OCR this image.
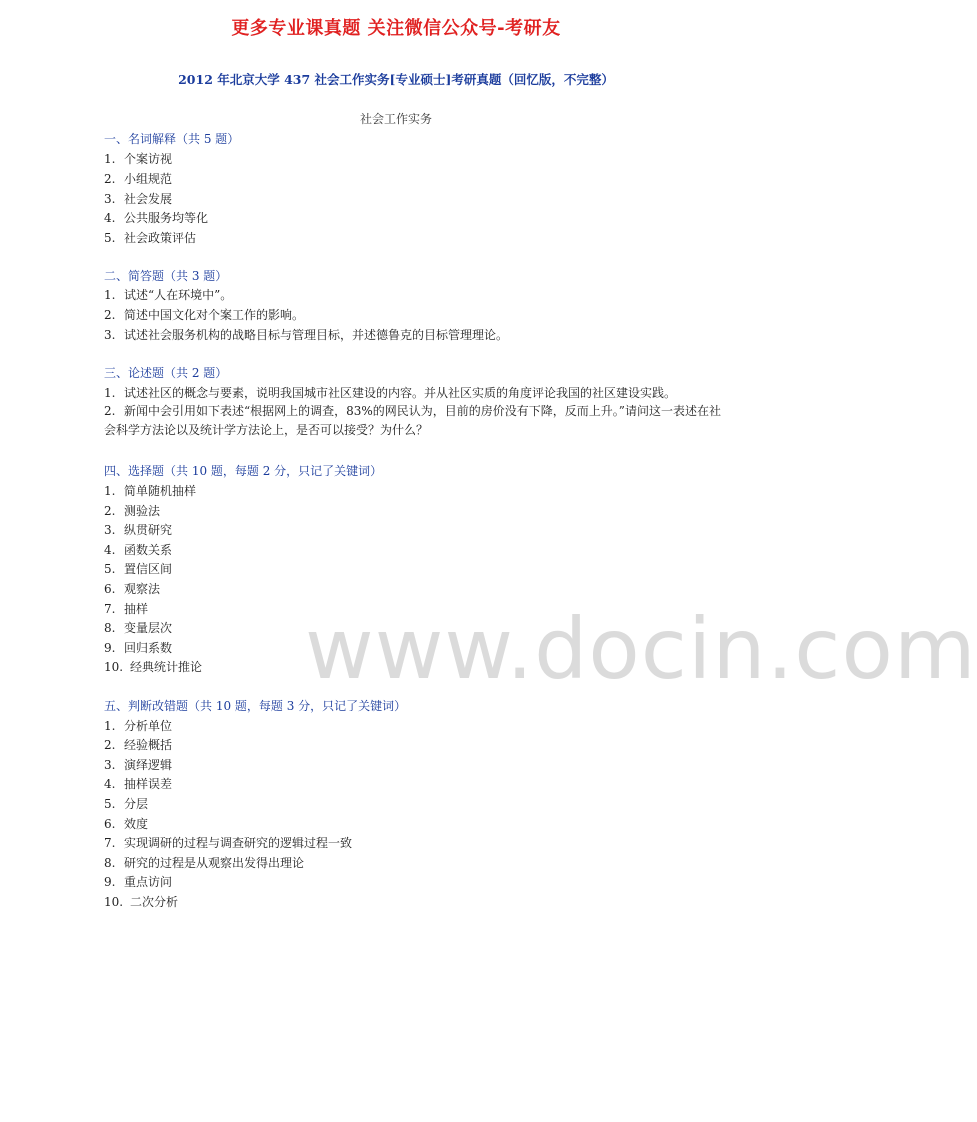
更多专业课真题 关注微信公众号-考研友
2012 年北京大学 437 社会工作实务[专业硕士]考研真题（回忆版，不完整）
社会工作实务
一、名词解释（共 5 题）
1. 个案访视
2. 小组规范
3. 社会发展
4. 公共服务均等化
5. 社会政策评估
二、简答题（共 3 题）
1. 试述“人在环境中”。
2. 简述中国文化对个案工作的影响。
3. 试述社会服务机构的战略目标与管理目标，并述德鲁克的目标管理理论。
三、论述题（共 2 题）
1. 试述社区的概念与要素，说明我国城市社区建设的内容。并从社区实质的角度评论我国的社区建设实践。
2. 新闻中会引用如下表述“根据网上的调查，83%的网民认为，目前的房价没有下降，反而上升。”请问这一表述在社会科学方法论以及统计学方法论上，是否可以接受？为什么？
四、选择题（共 10 题，每题 2 分，只记了关键词）
1. 简单随机抽样
2. 测验法
3. 纵贯研究
4. 函数关系
5. 置信区间
6. 观察法
7. 抽样
8. 变量层次
9. 回归系数
10. 经典统计推论
五、判断改错题（共 10 题，每题 3 分，只记了关键词）
1. 分析单位
2. 经验概括
3. 演绎逻辑
4. 抽样误差
5. 分层
6. 效度
7. 实现调研的过程与调查研究的逻辑过程一致
8. 研究的过程是从观察出发得出理论
9. 重点访问
10. 二次分析
www.docin.com
